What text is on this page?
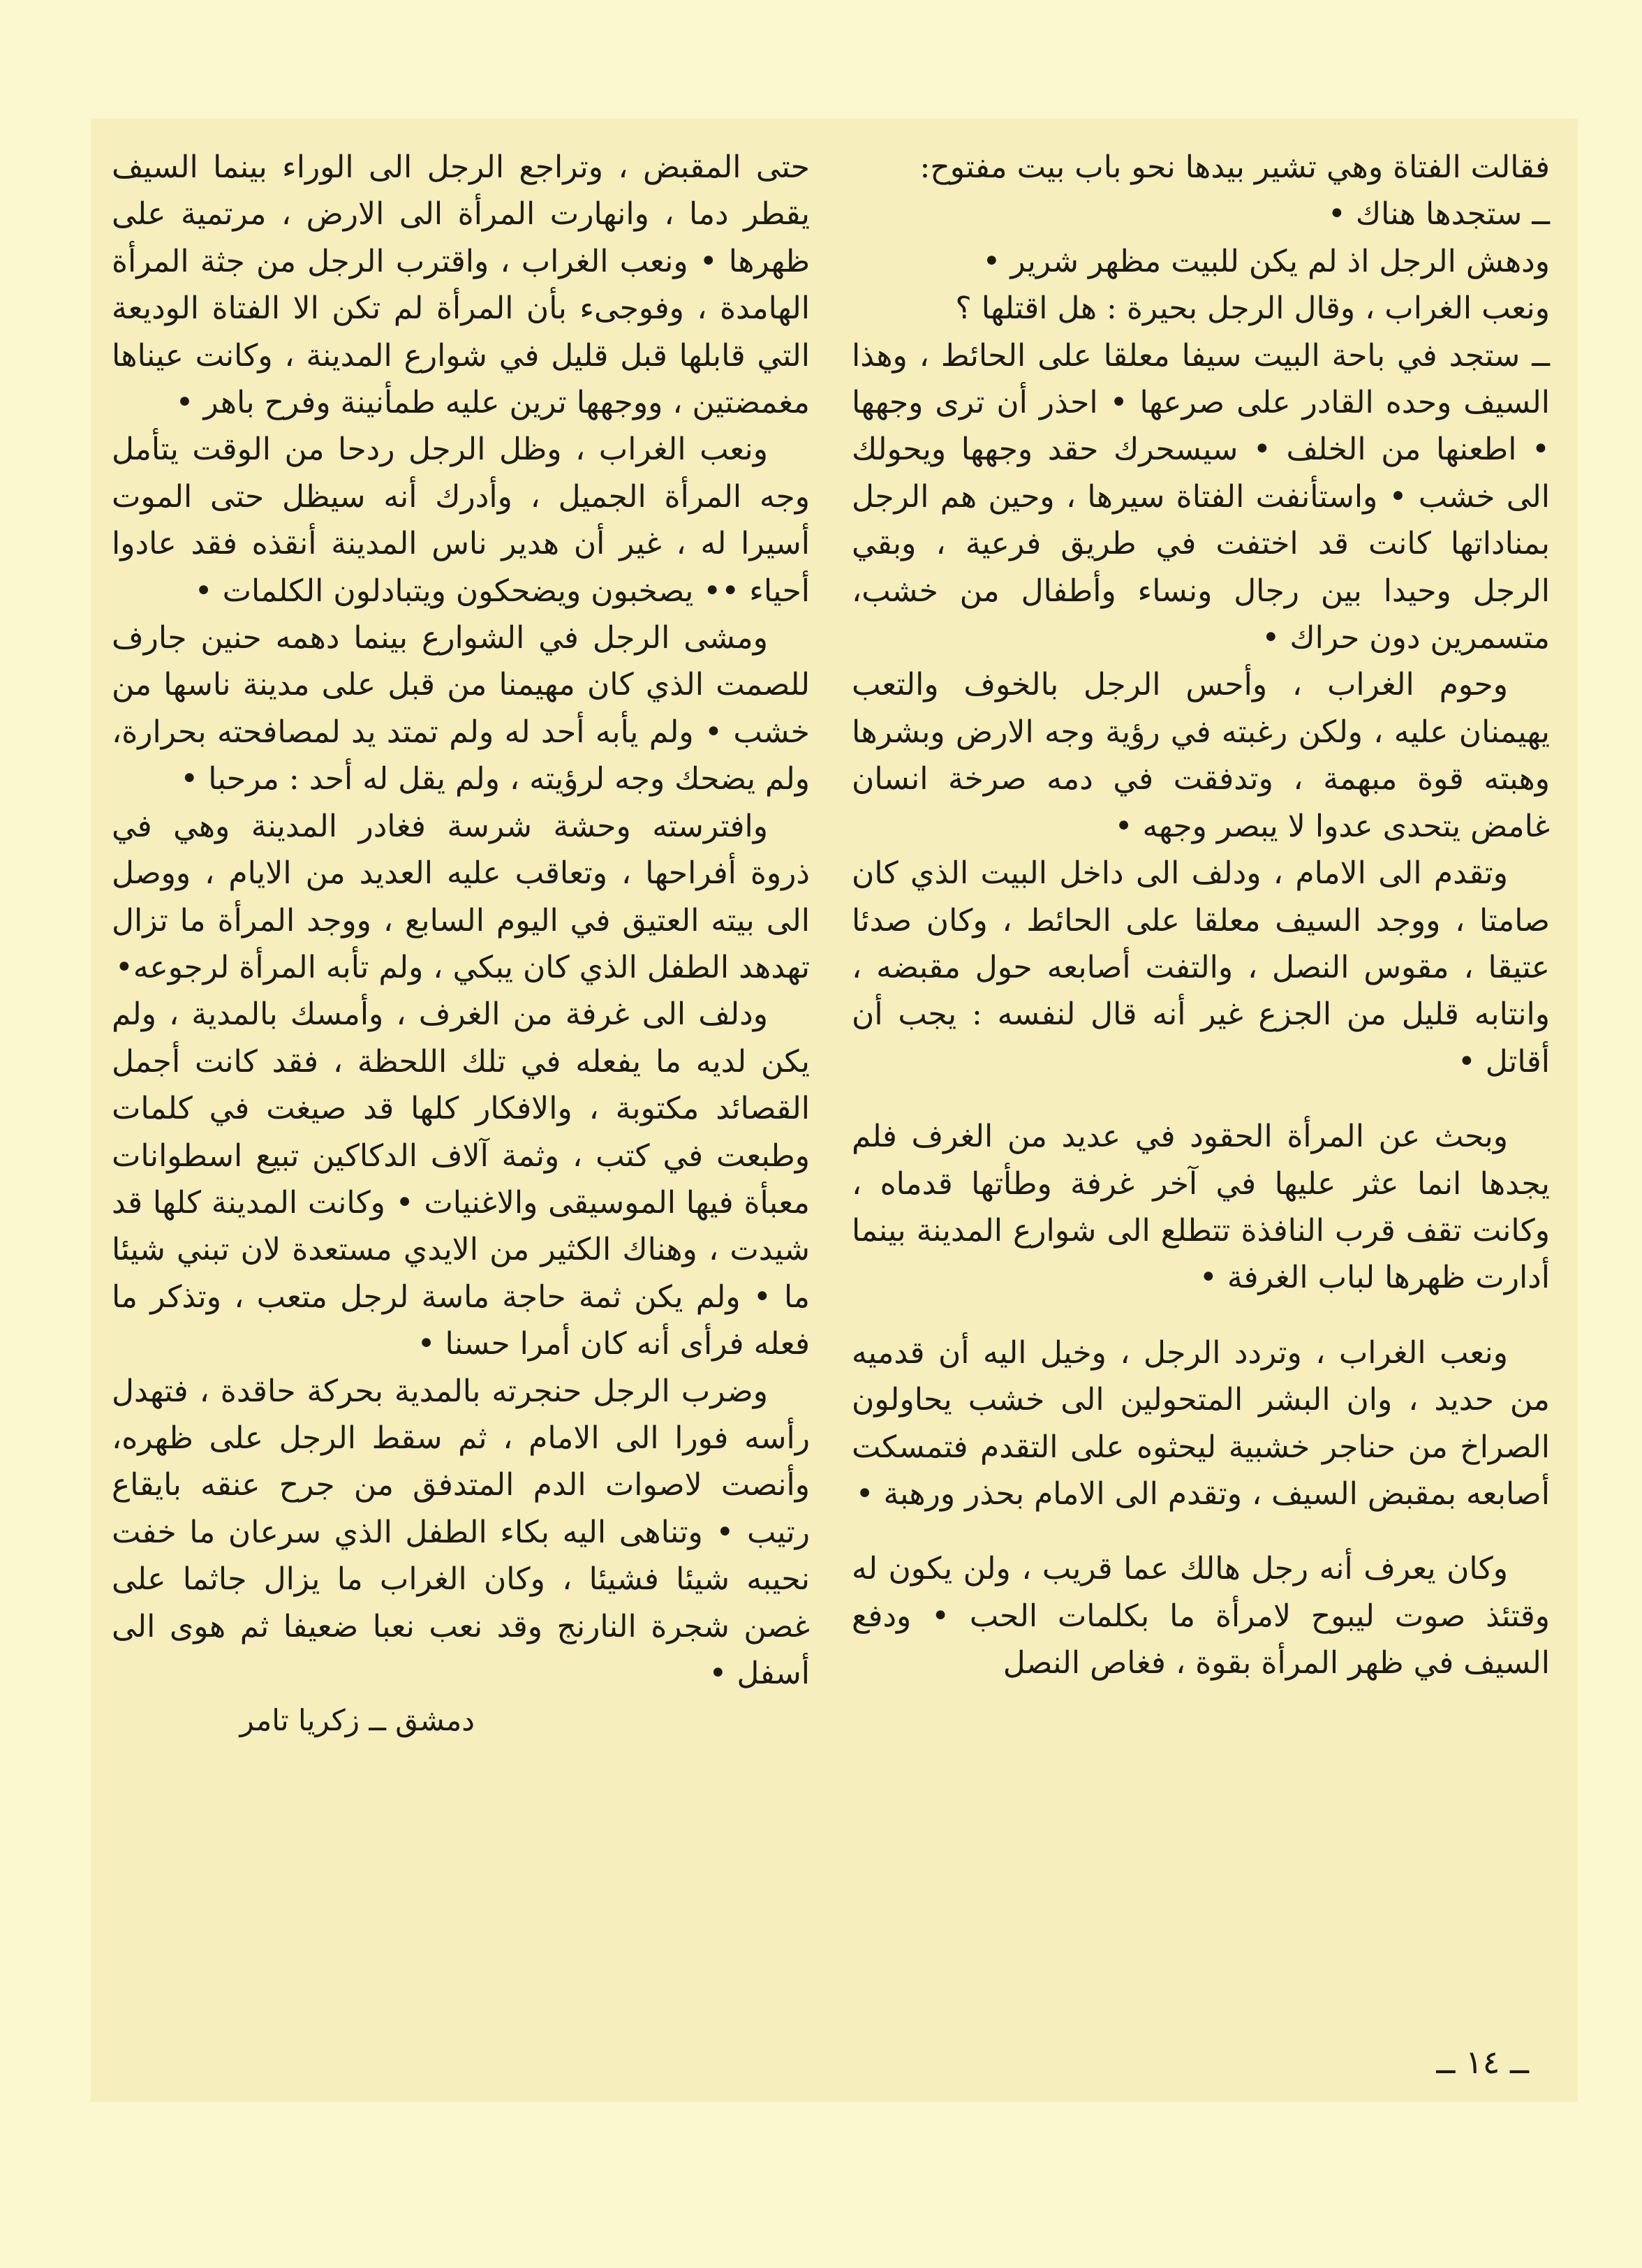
فقالت الفتاة وهي تشير بيدها نحو باب بيت مفتوح:

ــ ستجدها هناك •

ودهش الرجل اذ لم يكن للبيت مظهر شرير •

ونعب الغراب ، وقال الرجل بحيرة : هل اقتلها ؟

ــ ستجد في باحة البيت سيفا معلقا على الحائط ، وهذا السيف وحده القادر على صرعها • احذر أن ترى وجهها • اطعنها من الخلف • سيسحرك حقد وجهها ويحولك الى خشب • واستأنفت الفتاة سيرها ، وحين هم الرجل بمناداتها كانت قد اختفت في طريق فرعية ، وبقي الرجل وحيدا بين رجال ونساء وأطفال من خشب، متسمرين دون حراك •

وحوم الغراب ، وأحس الرجل بالخوف والتعب يهيمنان عليه ، ولكن رغبته في رؤية وجه الارض وبشرها وهبته قوة مبهمة ، وتدفقت في دمه صرخة انسان غامض يتحدى عدوا لا يبصر وجهه •

وتقدم الى الامام ، ودلف الى داخل البيت الذي كان صامتا ، ووجد السيف معلقا على الحائط ، وكان صدئا عتيقا ، مقوس النصل ، والتفت أصابعه حول مقبضه ، وانتابه قليل من الجزع غير أنه قال لنفسه : يجب أن أقاتل •

وبحث عن المرأة الحقود في عديد من الغرف فلم يجدها انما عثر عليها في آخر غرفة وطأتها قدماه ، وكانت تقف قرب النافذة تتطلع الى شوارع المدينة بينما أدارت ظهرها لباب الغرفة •

ونعب الغراب ، وتردد الرجل ، وخيل اليه أن قدميه من حديد ، وان البشر المتحولين الى خشب يحاولون الصراخ من حناجر خشبية ليحثوه على التقدم فتمسكت أصابعه بمقبض السيف ، وتقدم الى الامام بحذر ورهبة •

وكان يعرف أنه رجل هالك عما قريب ، ولن يكون له وقتئذ صوت ليبوح لامرأة ما بكلمات الحب • ودفع السيف في ظهر المرأة بقوة ، فغاص النصل

حتى المقبض ، وتراجع الرجل الى الوراء بينما السيف يقطر دما ، وانهارت المرأة الى الارض ، مرتمية على ظهرها • ونعب الغراب ، واقترب الرجل من جثة المرأة الهامدة ، وفوجىء بأن المرأة لم تكن الا الفتاة الوديعة التي قابلها قبل قليل في شوارع المدينة ، وكانت عيناها مغمضتين ، ووجهها ترين عليه طمأنينة وفرح باهر •

ونعب الغراب ، وظل الرجل ردحا من الوقت يتأمل وجه المرأة الجميل ، وأدرك أنه سيظل حتى الموت أسيرا له ، غير أن هدير ناس المدينة أنقذه فقد عادوا أحياء •• يصخبون ويضحكون ويتبادلون الكلمات •

ومشى الرجل في الشوارع بينما دهمه حنين جارف للصمت الذي كان مهيمنا من قبل على مدينة ناسها من خشب • ولم يأبه أحد له ولم تمتد يد لمصافحته بحرارة، ولم يضحك وجه لرؤيته ، ولم يقل له أحد : مرحبا •

وافترسته وحشة شرسة فغادر المدينة وهي في ذروة أفراحها ، وتعاقب عليه العديد من الايام ، ووصل الى بيته العتيق في اليوم السابع ، ووجد المرأة ما تزال تهدهد الطفل الذي كان يبكي ، ولم تأبه المرأة لرجوعه•

ودلف الى غرفة من الغرف ، وأمسك بالمدية ، ولم يكن لديه ما يفعله في تلك اللحظة ، فقد كانت أجمل القصائد مكتوبة ، والافكار كلها قد صيغت في كلمات وطبعت في كتب ، وثمة آلاف الدكاكين تبيع اسطوانات معبأة فيها الموسيقى والاغنيات • وكانت المدينة كلها قد شيدت ، وهناك الكثير من الايدي مستعدة لان تبني شيئا ما • ولم يكن ثمة حاجة ماسة لرجل متعب ، وتذكر ما فعله فرأى أنه كان أمرا حسنا •

وضرب الرجل حنجرته بالمدية بحركة حاقدة ، فتهدل رأسه فورا الى الامام ، ثم سقط الرجل على ظهره، وأنصت لاصوات الدم المتدفق من جرح عنقه بايقاع رتيب • وتناهى اليه بكاء الطفل الذي سرعان ما خفت نحيبه شيئا فشيئا ، وكان الغراب ما يزال جاثما على غصن شجرة النارنج وقد نعب نعبا ضعيفا ثم هوى الى أسفل •

دمشق ــ زكريا تامر

ــ ١٤ ــ
